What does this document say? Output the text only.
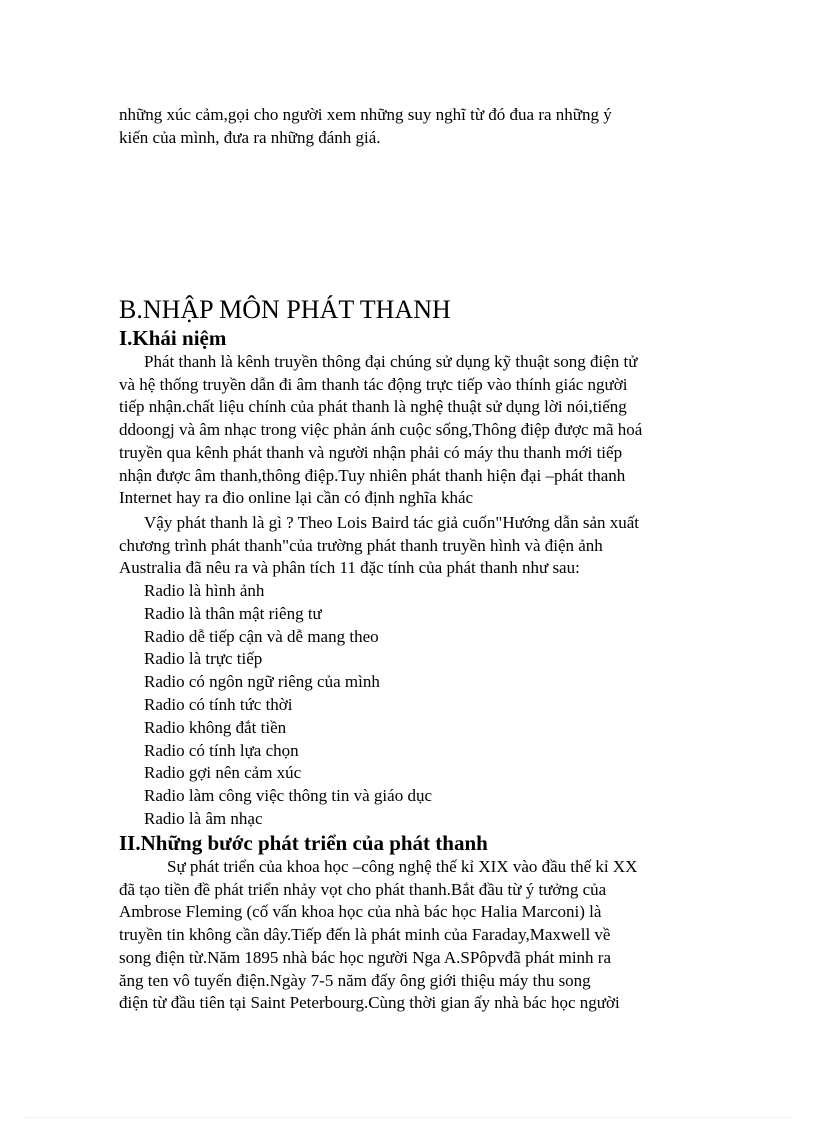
những xúc cảm,gọi cho người xem những suy nghĩ từ đó đua ra những ý
kiến của mình, đưa ra những đánh giá.
B.NHẬP MÔN PHÁT THANH
I.Khái niệm
Phát thanh là kênh truyền thông đại chúng sử dụng kỹ thuật song điện tử
và hệ thống truyền dẫn đi âm thanh tác động trực tiếp vào thính giác người
tiếp nhận.chất liệu chính của phát thanh là nghệ thuật sử dụng lời nói,tiếng
ddoongj và âm nhạc trong việc phản ánh cuộc sống,Thông điệp được mã hoá
truyền qua kênh phát thanh và người nhận phải có máy thu thanh mới tiếp
nhận được âm thanh,thông điệp.Tuy nhiên phát thanh hiện đại –phát thanh
Internet hay ra đio online lại cần có định nghĩa khác
Vậy phát thanh là gì ? Theo Lois Baird tác giả cuốn"Hướng dẫn sản xuất
chương trình phát thanh"của trường phát thanh truyền hình và điện ảnh
Australia đã nêu ra và phân tích 11 đặc tính của phát thanh như sau:
Radio là hình ảnh
Radio là thân mật riêng tư
Radio dễ tiếp cận và dễ mang theo
Radio là trực tiếp
Radio có ngôn ngữ riêng của mình
Radio có tính tức thời
Radio không đắt tiền
Radio có tính lựa chọn
Radio gợi nên cảm xúc
Radio làm công việc thông tin và giáo dục
Radio là âm nhạc
II.Những bước phát triển của phát thanh
Sự phát triển của khoa học –công nghệ thế kỉ XIX vào đầu thế kỉ XX
đã tạo tiền đề phát triển nhảy vọt cho phát thanh.Bắt đầu từ ý tưởng của
Ambrose Fleming (cố vấn khoa học của nhà bác học Halia Marconi) là
truyền tin không cần dây.Tiếp đến là phát minh của Faraday,Maxwell về
song điện từ.Năm 1895 nhà bác học người Nga A.SPôpvđã phát minh ra
ăng ten vô tuyến điện.Ngày 7-5 năm đấy ông giới thiệu máy thu song
điện từ đầu tiên tại Saint Peterbourg.Cùng thời gian ấy nhà bác học người
